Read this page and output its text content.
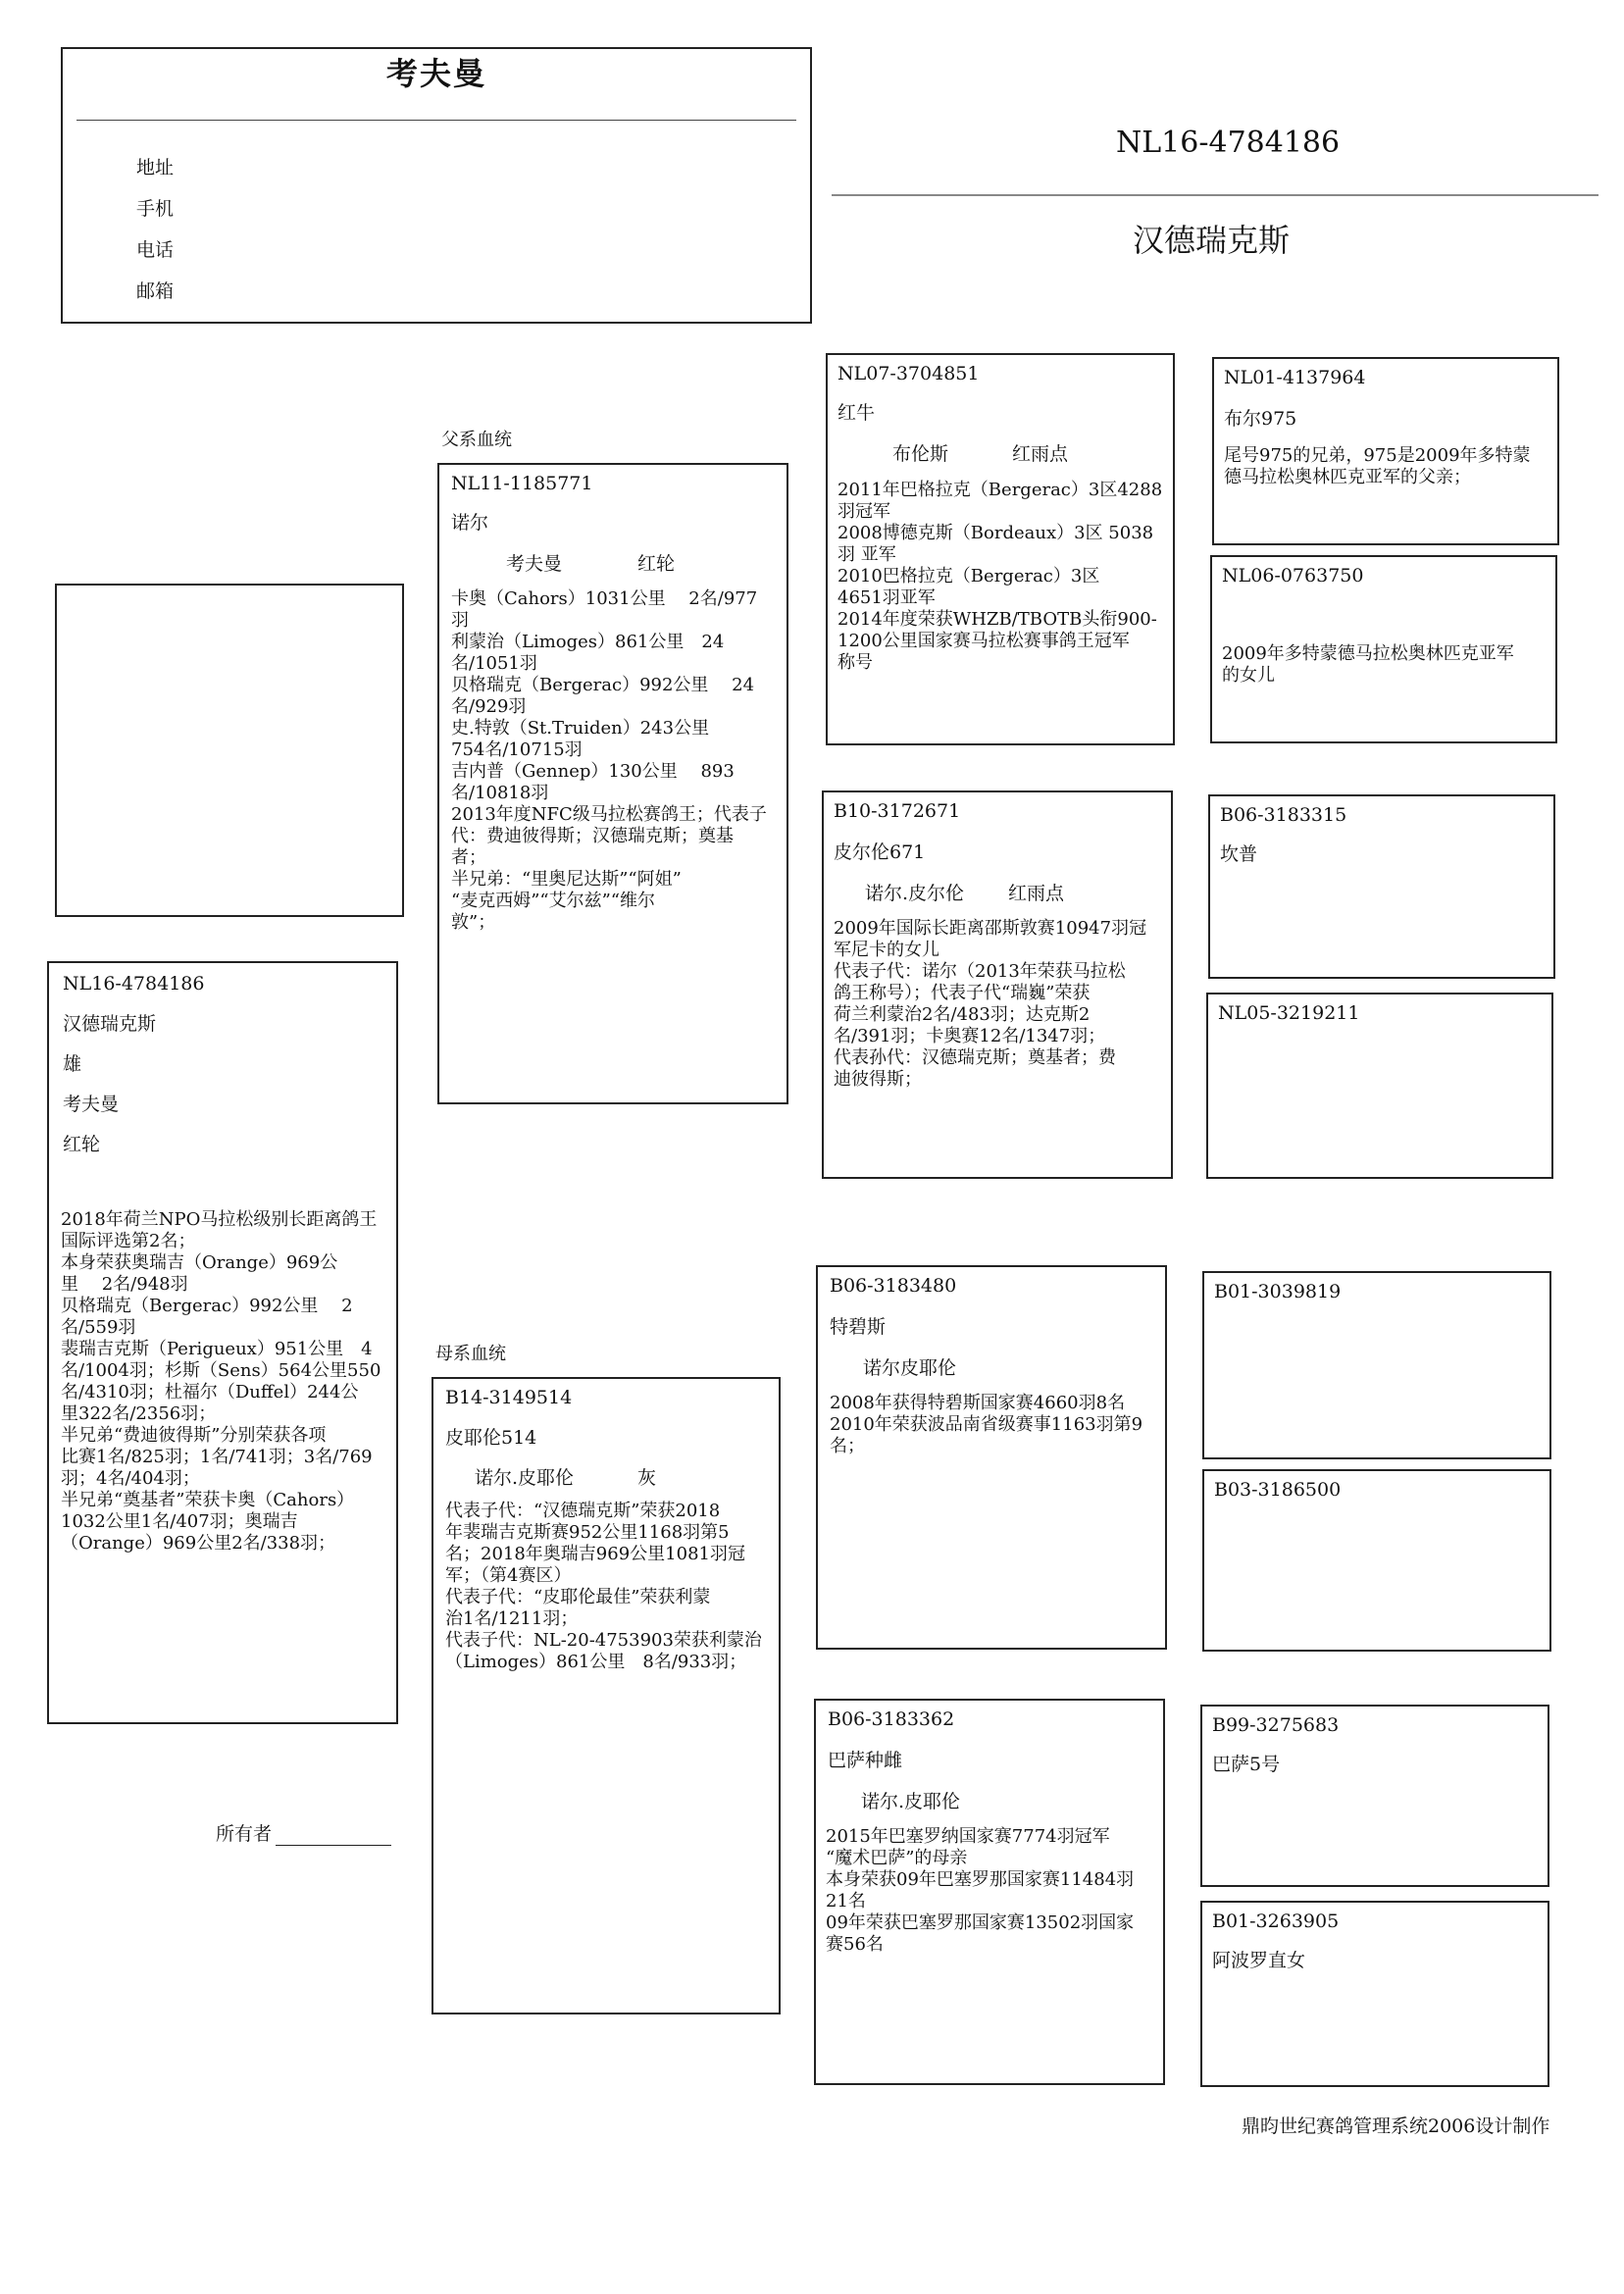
考夫曼
地址
手机
电话
邮箱
NL16-4784186
汉德瑞克斯
NL16-4784186
汉德瑞克斯
雄
考夫曼
红轮
2018年荷兰NPO马拉松级别长距离鸽王
国际评选第2名；
本身荣获奥瑞吉（Orange）969公
里　 2名/948羽
贝格瑞克（Bergerac）992公里　 2
名/559羽
裴瑞吉克斯（Perigueux）951公里　4
名/1004羽；杉斯（Sens）564公里550
名/4310羽；杜福尔（Duffel）244公
里322名/2356羽；
半兄弟“费迪彼得斯”分别荣获各项
比赛1名/825羽；1名/741羽；3名/769
羽；4名/404羽；
半兄弟“奠基者”荣获卡奥（Cahors）
1032公里1名/407羽；奥瑞吉
（Orange）969公里2名/338羽；
父系血统
NL11-1185771
诺尔
考夫曼	红轮
卡奥（Cahors）1031公里　 2名/977
羽
利蒙治（Limoges）861公里　24
名/1051羽
贝格瑞克（Bergerac）992公里　 24
名/929羽
史.特敦（St.Truiden）243公里
754名/10715羽
吉内普（Gennep）130公里　 893
名/10818羽
2013年度NFC级马拉松赛鸽王；代表子
代：费迪彼得斯；汉德瑞克斯；奠基
者；
半兄弟：“里奥尼达斯”“阿姐”
“麦克西姆”“艾尔兹”“维尔
敦”；
母系血统
B14-3149514
皮耶伦514
诺尔.皮耶伦	灰
代表子代：“汉德瑞克斯”荣获2018
年裴瑞吉克斯赛952公里1168羽第5
名；2018年奥瑞吉969公里1081羽冠
军；（第4赛区）
代表子代：“皮耶伦最佳”荣获利蒙
治1名/1211羽；
代表子代：NL-20-4753903荣获利蒙治
（Limoges）861公里　8名/933羽；
NL07-3704851
红牛
布伦斯	红雨点
2011年巴格拉克（Bergerac）3区4288
羽冠军
2008博德克斯（Bordeaux）3区 5038
羽 亚军
2010巴格拉克（Bergerac）3区
4651羽亚军
2014年度荣获WHZB/TBOTB头衔900-
1200公里国家赛马拉松赛事鸽王冠军
称号
B10-3172671
皮尔伦671
诺尔.皮尔伦 红雨点
2009年国际长距离邵斯敦赛10947羽冠
军尼卡的女儿
代表子代：诺尔（2013年荣获马拉松
鸽王称号）；代表子代“瑞巍”荣获
荷兰利蒙治2名/483羽；达克斯2
名/391羽；卡奥赛12名/1347羽；
代表孙代：汉德瑞克斯；奠基者；费
迪彼得斯；
B06-3183480
特碧斯
诺尔皮耶伦
2008年获得特碧斯国家赛4660羽8名
2010年荣获波品南省级赛事1163羽第9
名；
B06-3183362
巴萨种雌
诺尔.皮耶伦
2015年巴塞罗纳国家赛7774羽冠军
“魔术巴萨”的母亲
本身荣获09年巴塞罗那国家赛11484羽
21名
09年荣获巴塞罗那国家赛13502羽国家
赛56名
NL01-4137964
布尔975
尾号975的兄弟，975是2009年多特蒙
德马拉松奥林匹克亚军的父亲；
NL06-0763750
2009年多特蒙德马拉松奥林匹克亚军
的女儿
B06-3183315
坎普
NL05-3219211
B01-3039819
B03-3186500
B99-3275683
巴萨5号
B01-3263905
阿波罗直女
所有者
鼎昀世纪赛鸽管理系统2006设计制作
